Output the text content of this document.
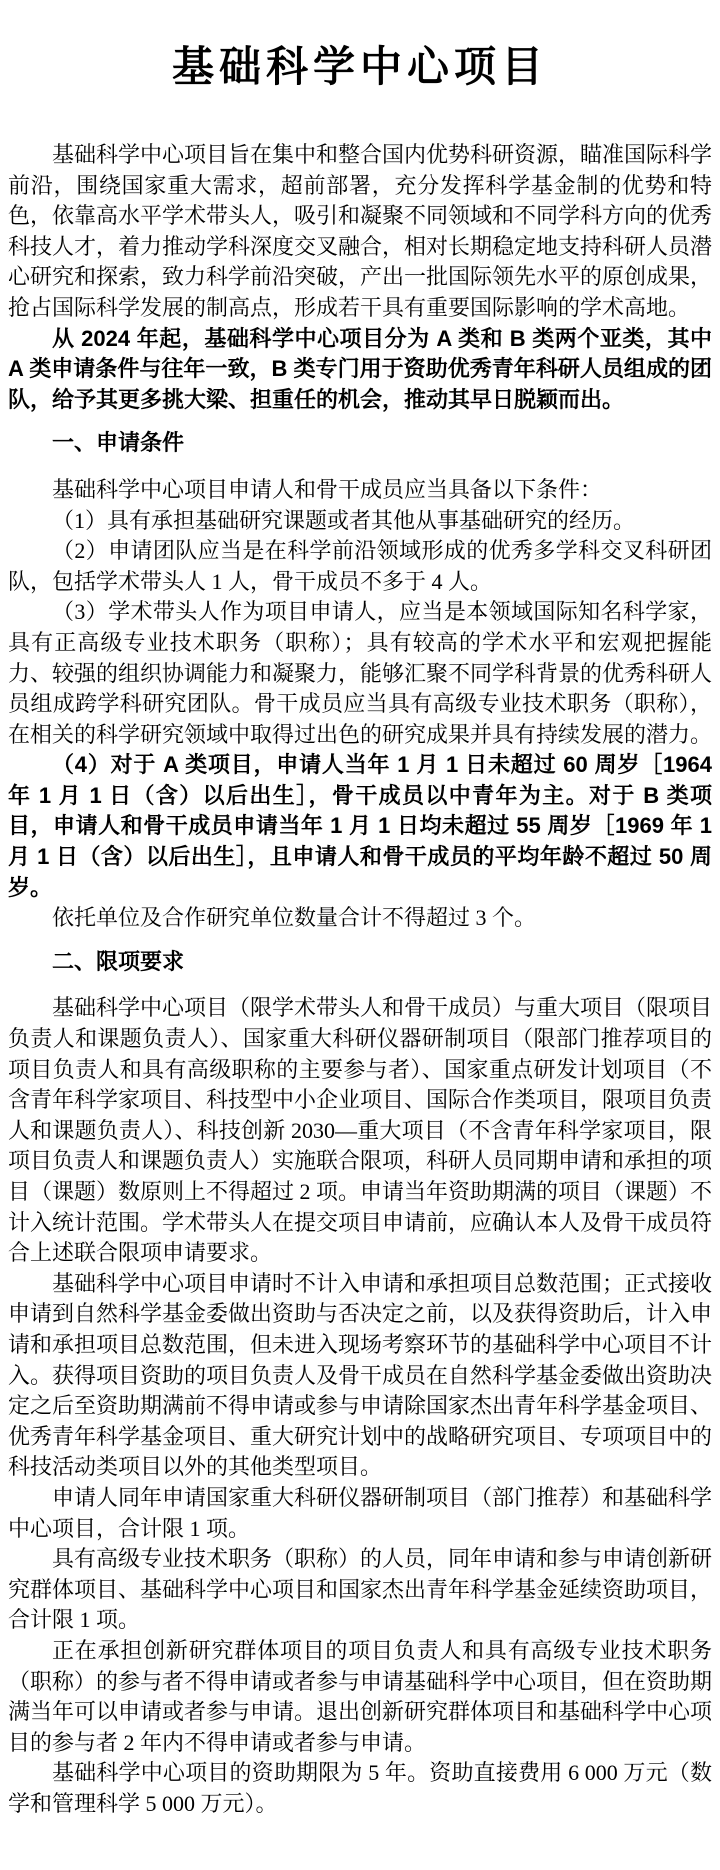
基础科学中心项目

基础科学中心项目旨在集中和整合国内优势科研资源，瞄准国际科学前沿，围绕国家重大需求，超前部署，充分发挥科学基金制的优势和特色，依靠高水平学术带头人，吸引和凝聚不同领域和不同学科方向的优秀科技人才，着力推动学科深度交叉融合，相对长期稳定地支持科研人员潜心研究和探索，致力科学前沿突破，产出一批国际领先水平的原创成果，抢占国际科学发展的制高点，形成若干具有重要国际影响的学术高地。

从 2024 年起，基础科学中心项目分为 A 类和 B 类两个亚类，其中 A 类申请条件与往年一致，B 类专门用于资助优秀青年科研人员组成的团队，给予其更多挑大梁、担重任的机会，推动其早日脱颖而出。

一、申请条件

基础科学中心项目申请人和骨干成员应当具备以下条件：

（1）具有承担基础研究课题或者其他从事基础研究的经历。

（2）申请团队应当是在科学前沿领域形成的优秀多学科交叉科研团队，包括学术带头人 1 人，骨干成员不多于 4 人。

（3）学术带头人作为项目申请人，应当是本领域国际知名科学家，具有正高级专业技术职务（职称）；具有较高的学术水平和宏观把握能力、较强的组织协调能力和凝聚力，能够汇聚不同学科背景的优秀科研人员组成跨学科研究团队。骨干成员应当具有高级专业技术职务（职称），在相关的科学研究领域中取得过出色的研究成果并具有持续发展的潜力。

（4）对于 A 类项目，申请人当年 1 月 1 日未超过 60 周岁［1964 年 1 月 1 日（含）以后出生］，骨干成员以中青年为主。对于 B 类项目，申请人和骨干成员申请当年 1 月 1 日均未超过 55 周岁［1969 年 1 月 1 日（含）以后出生］，且申请人和骨干成员的平均年龄不超过 50 周岁。

依托单位及合作研究单位数量合计不得超过 3 个。

二、限项要求

基础科学中心项目（限学术带头人和骨干成员）与重大项目（限项目负责人和课题负责人）、国家重大科研仪器研制项目（限部门推荐项目的项目负责人和具有高级职称的主要参与者）、国家重点研发计划项目（不含青年科学家项目、科技型中小企业项目、国际合作类项目，限项目负责人和课题负责人）、科技创新 2030—重大项目（不含青年科学家项目，限项目负责人和课题负责人）实施联合限项，科研人员同期申请和承担的项目（课题）数原则上不得超过 2 项。申请当年资助期满的项目（课题）不计入统计范围。学术带头人在提交项目申请前，应确认本人及骨干成员符合上述联合限项申请要求。

基础科学中心项目申请时不计入申请和承担项目总数范围；正式接收申请到自然科学基金委做出资助与否决定之前，以及获得资助后，计入申请和承担项目总数范围，但未进入现场考察环节的基础科学中心项目不计入。获得项目资助的项目负责人及骨干成员在自然科学基金委做出资助决定之后至资助期满前不得申请或参与申请除国家杰出青年科学基金项目、优秀青年科学基金项目、重大研究计划中的战略研究项目、专项项目中的科技活动类项目以外的其他类型项目。

申请人同年申请国家重大科研仪器研制项目（部门推荐）和基础科学中心项目，合计限 1 项。

具有高级专业技术职务（职称）的人员，同年申请和参与申请创新研究群体项目、基础科学中心项目和国家杰出青年科学基金延续资助项目，合计限 1 项。

正在承担创新研究群体项目的项目负责人和具有高级专业技术职务（职称）的参与者不得申请或者参与申请基础科学中心项目，但在资助期满当年可以申请或者参与申请。退出创新研究群体项目和基础科学中心项目的参与者 2 年内不得申请或者参与申请。

基础科学中心项目的资助期限为 5 年。资助直接费用 6 000 万元（数学和管理科学 5 000 万元）。
